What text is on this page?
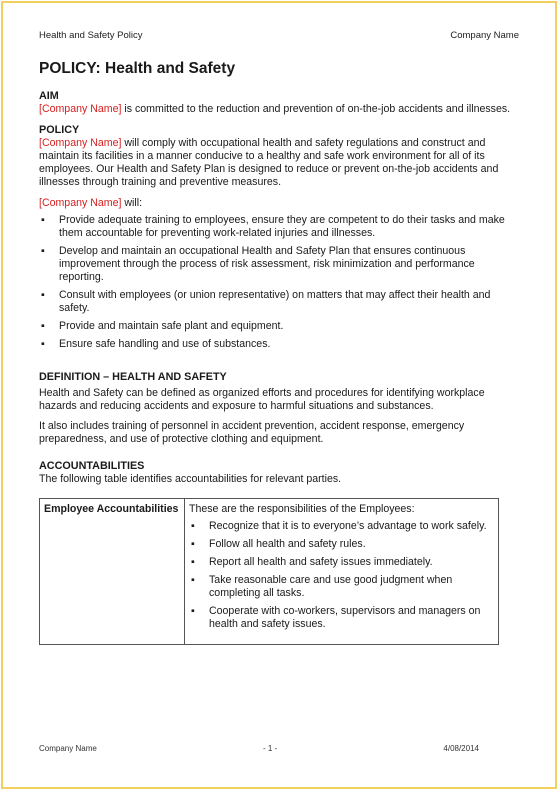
Health and Safety Policy	Company Name
POLICY: Health and Safety
AIM

[Company Name] is committed to the reduction and prevention of on-the-job accidents and illnesses.

POLICY

[Company Name] will comply with occupational health and safety regulations and construct and maintain its facilities in a manner conducive to a healthy and safe work environment for all of its employees. Our Health and Safety Plan is designed to reduce or prevent on-the-job accidents and illnesses through training and preventive measures.

[Company Name] will:

▪ Provide adequate training to employees, ensure they are competent to do their tasks and make them accountable for preventing work-related injuries and illnesses.
▪ Develop and maintain an occupational Health and Safety Plan that ensures continuous improvement through the process of risk assessment, risk minimization and performance reporting.
▪ Consult with employees (or union representative) on matters that may affect their health and safety.
▪ Provide and maintain safe plant and equipment.
▪ Ensure safe handling and use of substances.
DEFINITION – HEALTH AND SAFETY

Health and Safety can be defined as organized efforts and procedures for identifying workplace hazards and reducing accidents and exposure to harmful situations and substances.

It also includes training of personnel in accident prevention, accident response, emergency preparedness, and use of protective clothing and equipment.

ACCOUNTABILITIES

The following table identifies accountabilities for relevant parties.

Employee Accountabilities	These are the responsibilities of the Employees:

▪ Recognize that it is to everyone’s advantage to work safely.
▪ Follow all health and safety rules.
▪ Report all health and safety issues immediately.
▪ Take reasonable care and use good judgment when completing all tasks.
▪ Cooperate with co-workers, supervisors and managers on health and safety issues.
Company Name	- 1 -	4/08/2014
